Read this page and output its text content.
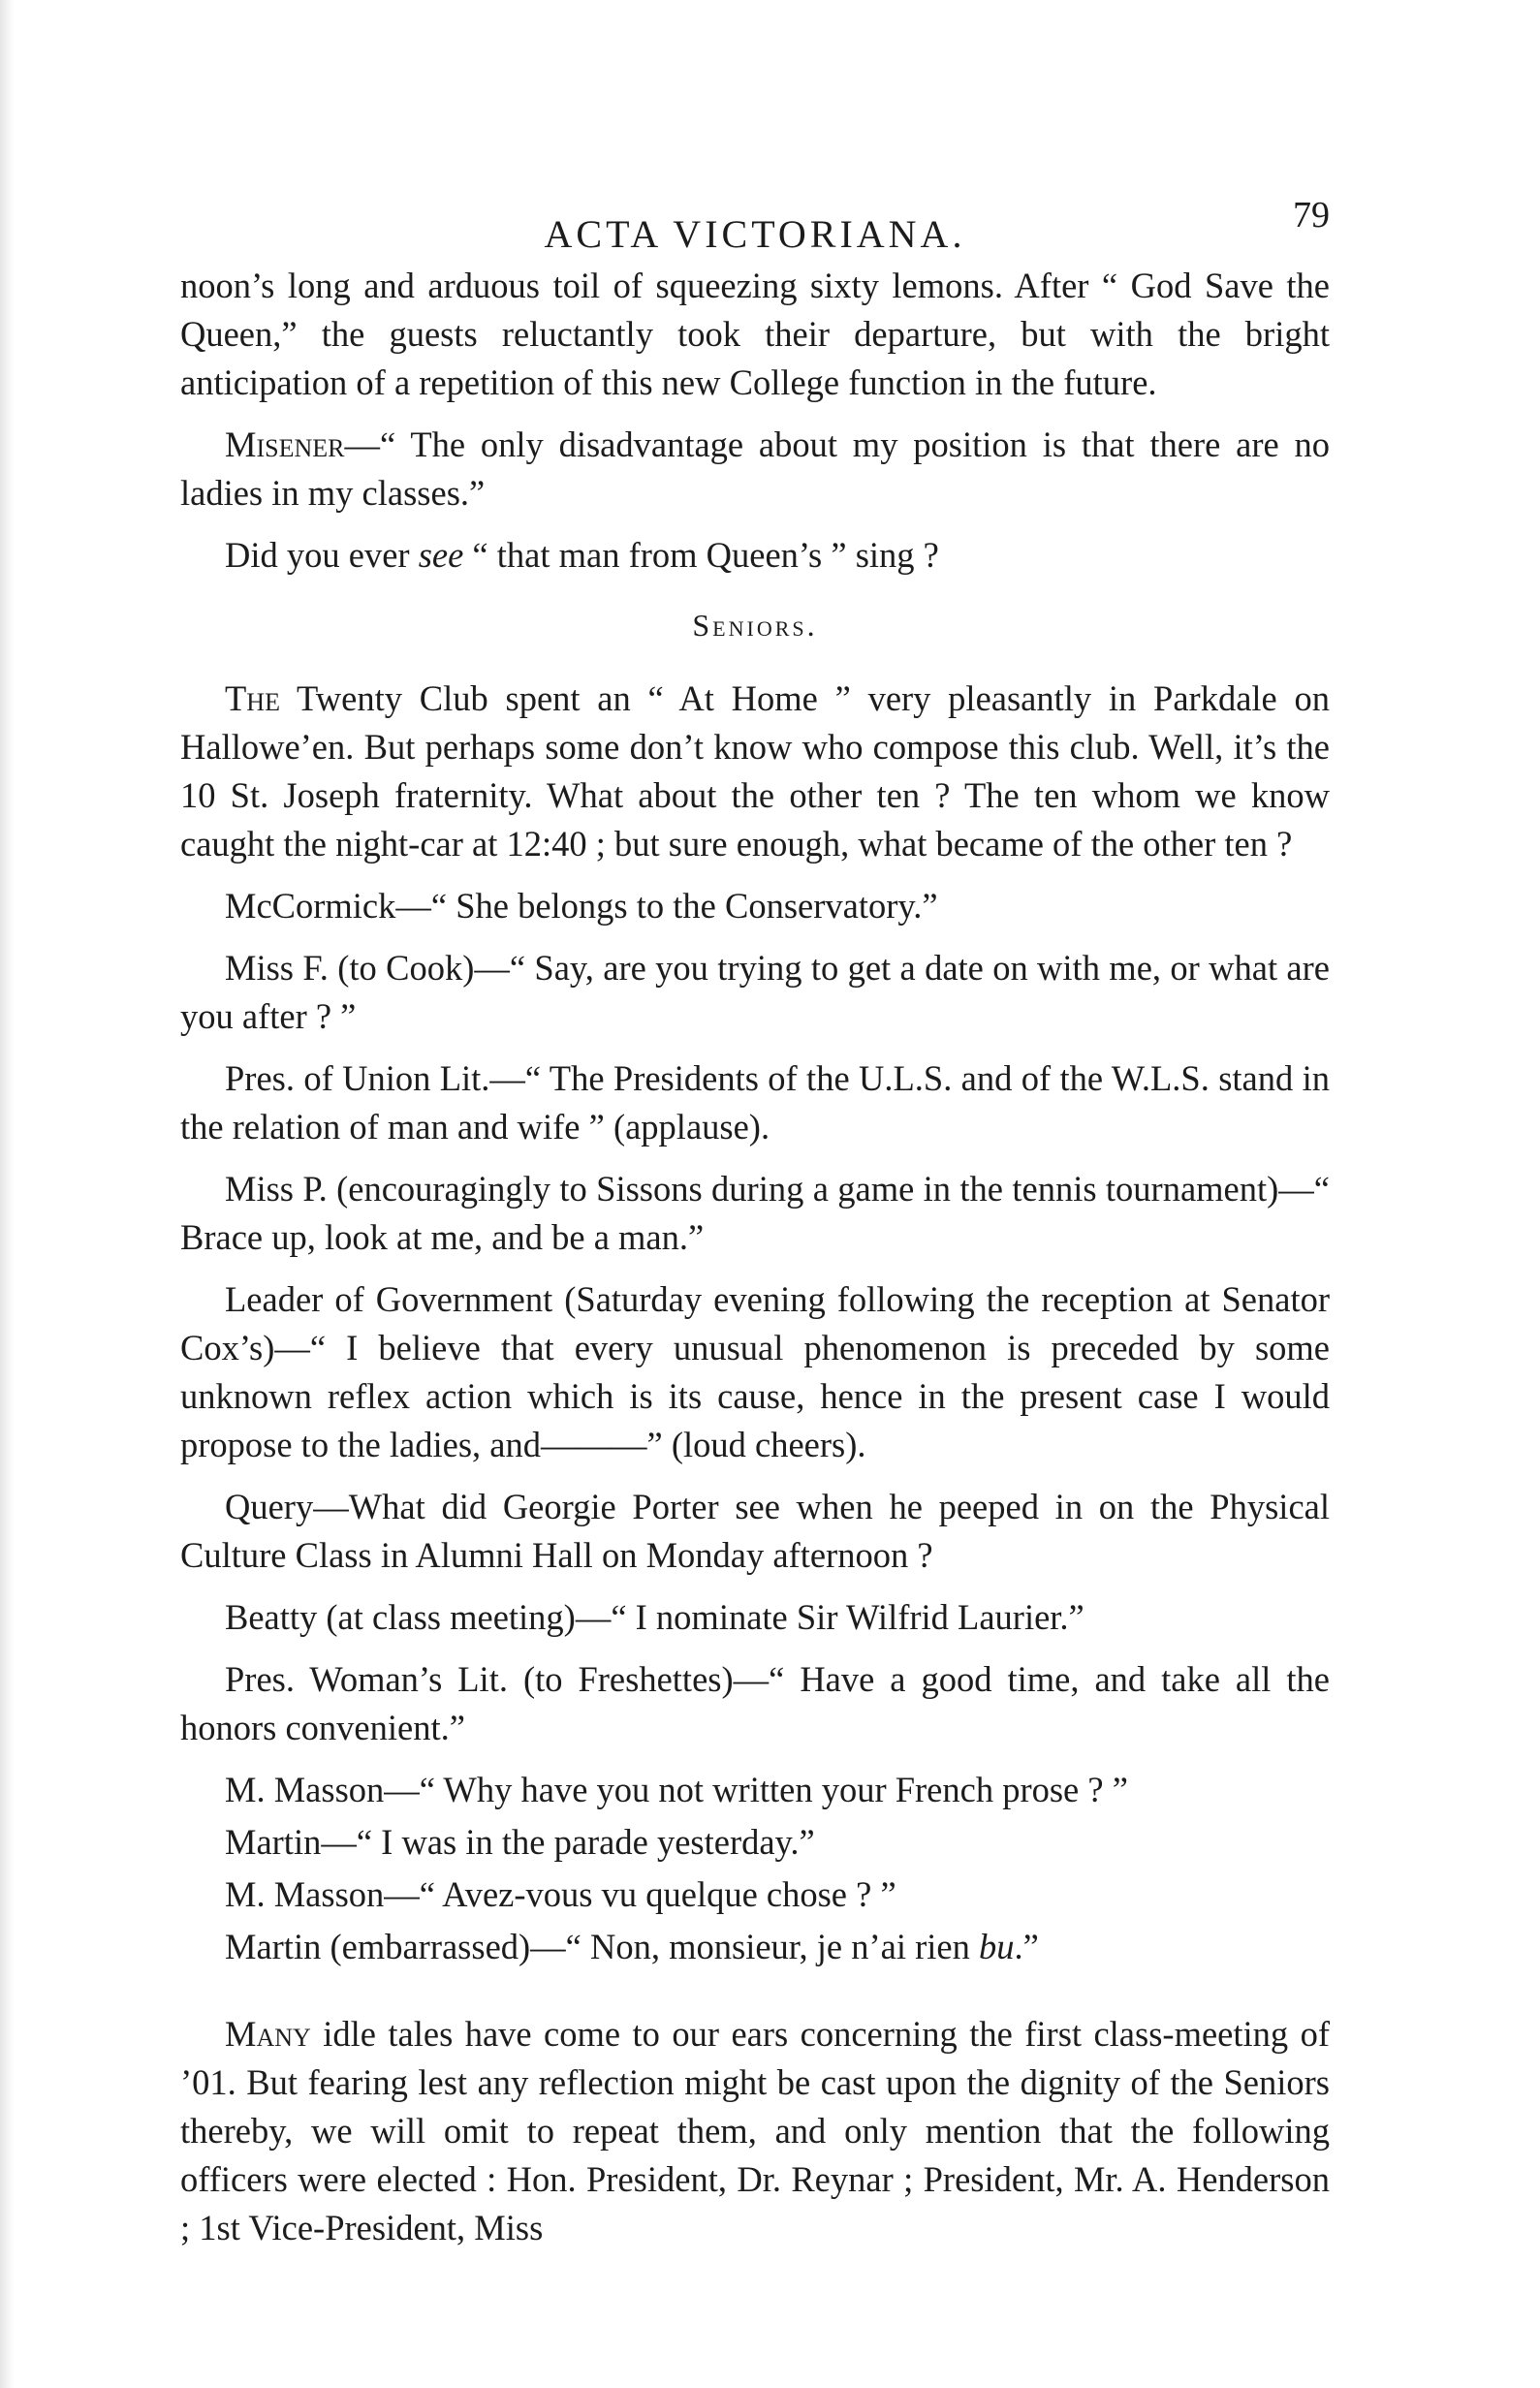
ACTA VICTORIANA.	79

noon’s long and arduous toil of squeezing sixty lemons. After “ God Save the Queen,” the guests reluctantly took their departure, but with the bright anticipation of a repetition of this new College function in the future.

Misener—“ The only disadvantage about my position is that there are no ladies in my classes.”

Did you ever see “ that man from Queen’s ” sing ?

Seniors.

The Twenty Club spent an “ At Home ” very pleasantly in Parkdale on Hallowe’en. But perhaps some don’t know who compose this club. Well, it’s the 10 St. Joseph fraternity. What about the other ten ? The ten whom we know caught the night-car at 12:40 ; but sure enough, what became of the other ten ?

McCormick—“ She belongs to the Conservatory.”

Miss F. (to Cook)—“ Say, are you trying to get a date on with me, or what are you after ? ”

Pres. of Union Lit.—“ The Presidents of the U.L.S. and of the W.L.S. stand in the relation of man and wife ” (applause).

Miss P. (encouragingly to Sissons during a game in the tennis tournament)—“ Brace up, look at me, and be a man.”

Leader of Government (Saturday evening following the reception at Senator Cox’s)—“ I believe that every unusual phenomenon is preceded by some unknown reflex action which is its cause, hence in the present case I would propose to the ladies, and———” (loud cheers).

Query—What did Georgie Porter see when he peeped in on the Physical Culture Class in Alumni Hall on Monday afternoon ?

Beatty (at class meeting)—“ I nominate Sir Wilfrid Laurier.”

Pres. Woman’s Lit. (to Freshettes)—“ Have a good time, and take all the honors convenient.”

M. Masson—“ Why have you not written your French prose ? ”

Martin—“ I was in the parade yesterday.”

M. Masson—“ Avez-vous vu quelque chose ? ”

Martin (embarrassed)—“ Non, monsieur, je n’ai rien bu.”

Many idle tales have come to our ears concerning the first class-meeting of ’01. But fearing lest any reflection might be cast upon the dignity of the Seniors thereby, we will omit to repeat them, and only mention that the following officers were elected : Hon. President, Dr. Reynar ; President, Mr. A. Henderson ; 1st Vice-President, Miss
